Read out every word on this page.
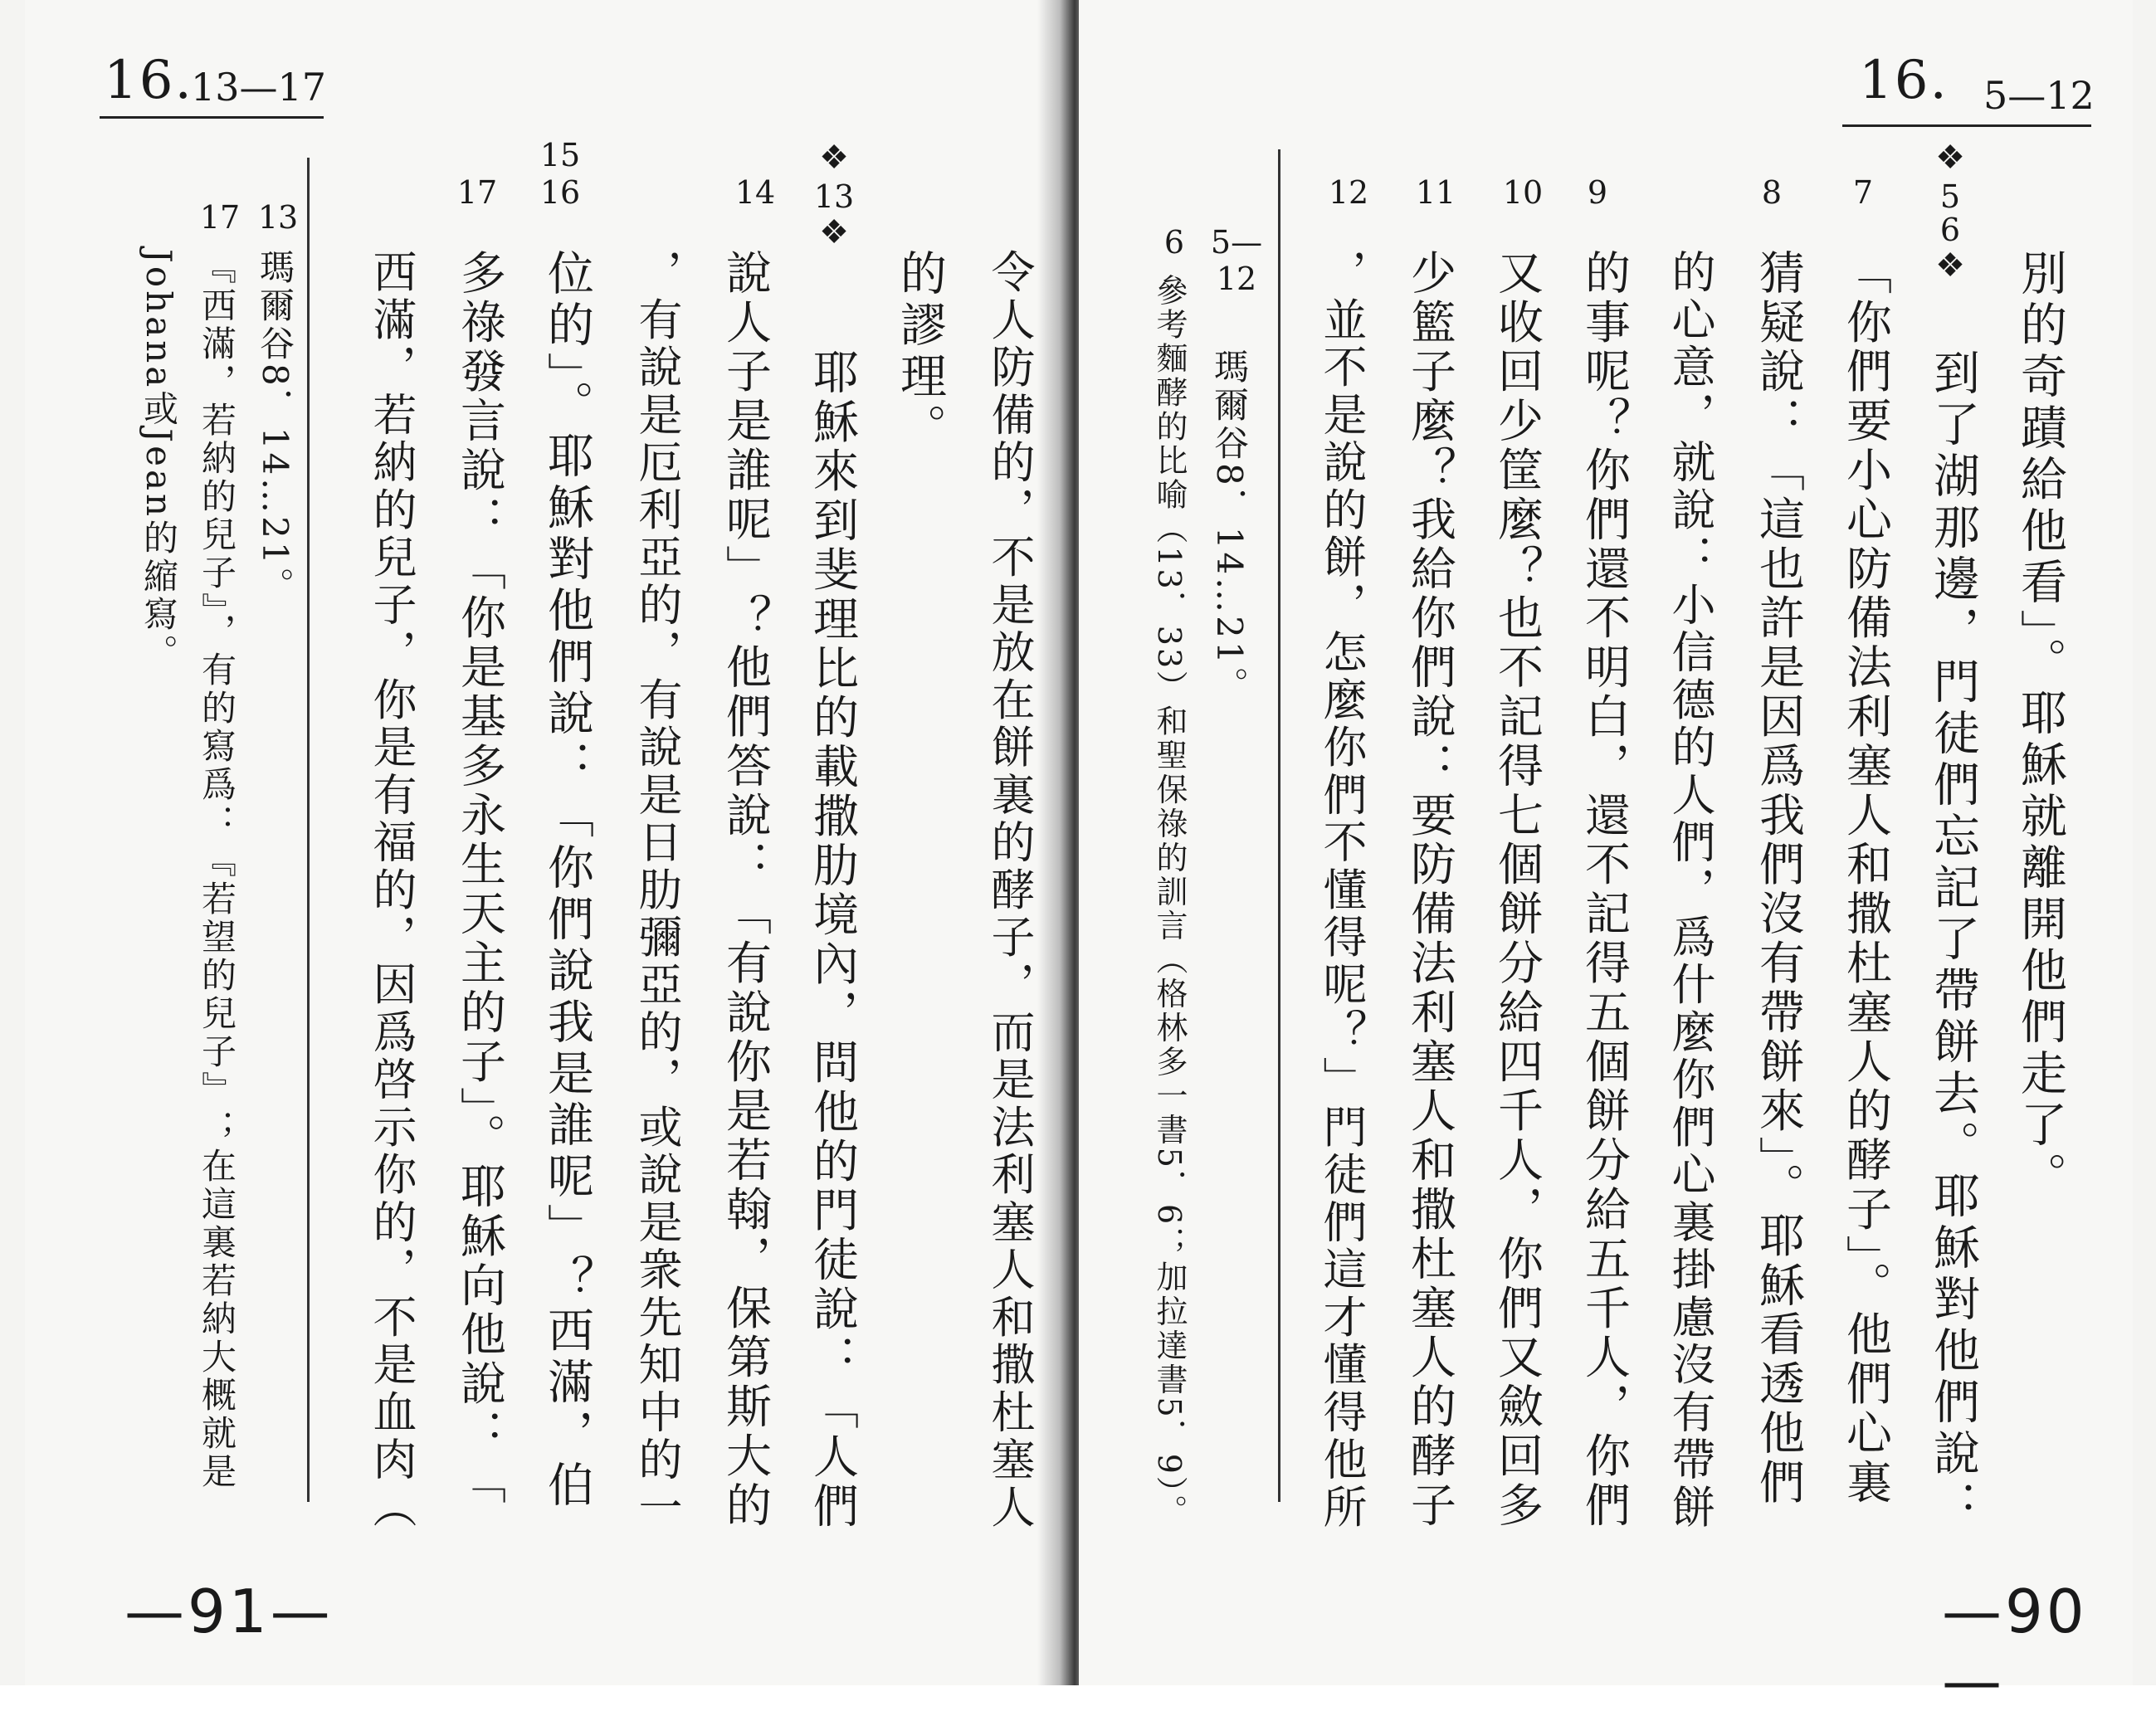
16.
13—17
13
瑪爾谷8．14…21。
17
『西滿，若納的兒子』，有的寫爲：『若望的兒子』；在這裏若納大概就是
Johana或Jean的縮寫。
17 16
15
14
❖
13
❖
令人防備的，不是放在餅裏的酵子，而是法利塞人和撒杜塞人
的謬理。
耶穌來到斐理比的載撒肋境內，問他的門徒說：「人們
說人子是誰呢」？他們答說：「有說你是若翰，保第斯大的
，有說是厄利亞的，有說是日肋彌亞的，或說是衆先知中的一
位的」。耶穌對他們說：「你們說我是誰呢」？西滿，伯
多祿發言說：「你是基多永生天主的子」。耶穌向他說：「
西滿，若納的兒子，你是有福的，因爲啓示你的，不是血肉（
—91—
16. 5—12
5—12
瑪爾谷8．14…21。
6
參考麵酵的比喻（13．33）和聖保祿的訓言（格林多一書5．6；加拉達書5．9）。
12 11 10	9	8	7
❖
5
6
❖ 別的奇蹟給他看」。耶穌就離開他們走了。
到了湖那邊，門徒們忘記了帶餅去。耶穌對他們說：
「你們要小心防備法利塞人和撒杜塞人的酵子」。他們心裏
猜疑說：「這也許是因爲我們沒有帶餅來」。耶穌看透他們
的心意，就說：小信德的人們，爲什麼你們心裏掛慮沒有帶餅
的事呢？你們還不明白，還不記得五個餅分給五千人，你們
又收回少筐麼？也不記得七個餅分給四千人，你們又斂回多
少籃子麼？我給你們說：要防備法利塞人和撒杜塞人的酵子
，並不是說的餅，怎麼你們不懂得呢？」門徒們這才懂得他所
—90—
